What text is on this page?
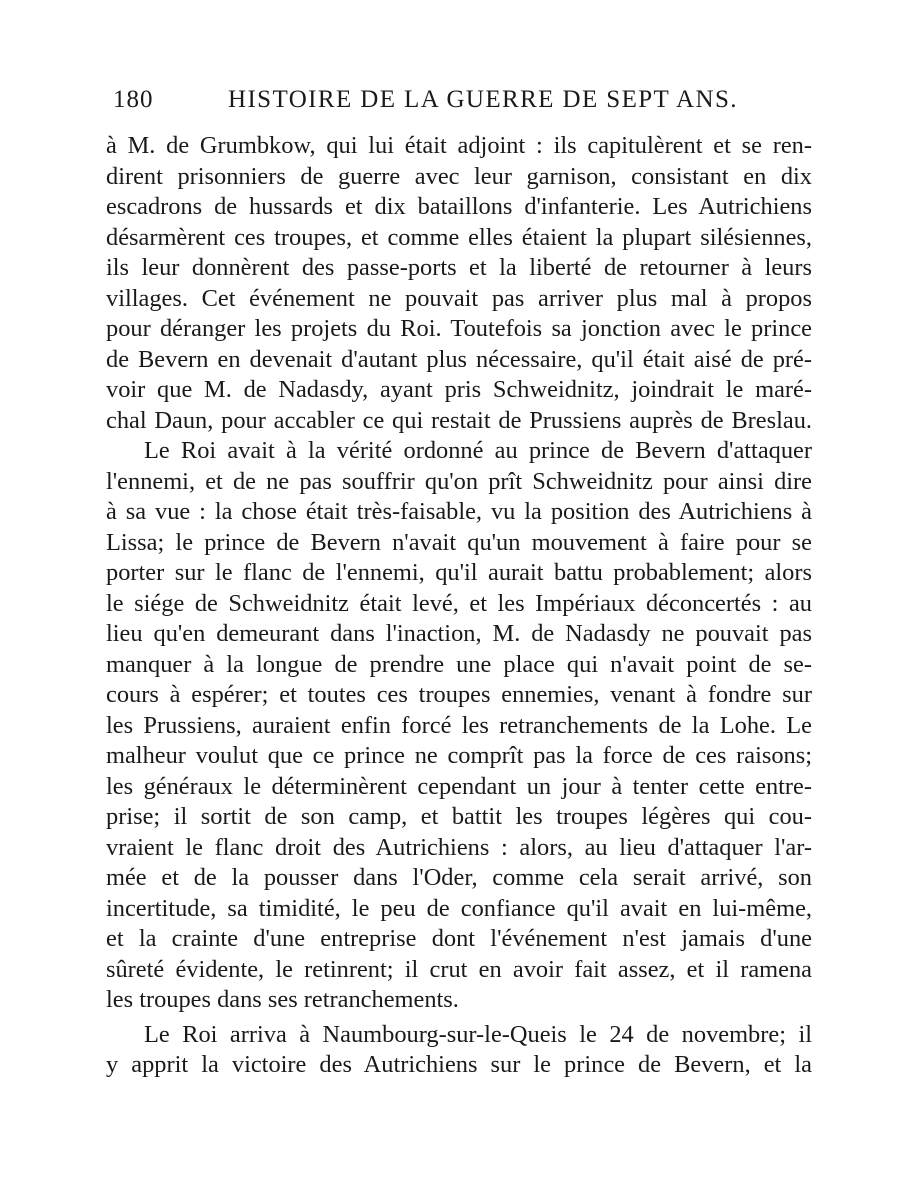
180	HISTOIRE DE LA GUERRE DE SEPT ANS.
à M. de Grumbkow, qui lui était adjoint : ils capitulèrent et se ren-
dirent prisonniers de guerre avec leur garnison, consistant en dix
escadrons de hussards et dix bataillons d'infanterie. Les Autrichiens
désarmèrent ces troupes, et comme elles étaient la plupart silésiennes,
ils leur donnèrent des passe-ports et la liberté de retourner à leurs
villages. Cet événement ne pouvait pas arriver plus mal à propos
pour déranger les projets du Roi. Toutefois sa jonction avec le prince
de Bevern en devenait d'autant plus nécessaire, qu'il était aisé de pré-
voir que M. de Nadasdy, ayant pris Schweidnitz, joindrait le maré-
chal Daun, pour accabler ce qui restait de Prussiens auprès de Breslau.
Le Roi avait à la vérité ordonné au prince de Bevern d'attaquer
l'ennemi, et de ne pas souffrir qu'on prît Schweidnitz pour ainsi dire
à sa vue : la chose était très-faisable, vu la position des Autrichiens à
Lissa; le prince de Bevern n'avait qu'un mouvement à faire pour se
porter sur le flanc de l'ennemi, qu'il aurait battu probablement; alors
le siége de Schweidnitz était levé, et les Impériaux déconcertés : au
lieu qu'en demeurant dans l'inaction, M. de Nadasdy ne pouvait pas
manquer à la longue de prendre une place qui n'avait point de se-
cours à espérer; et toutes ces troupes ennemies, venant à fondre sur
les Prussiens, auraient enfin forcé les retranchements de la Lohe. Le
malheur voulut que ce prince ne comprît pas la force de ces raisons;
les généraux le déterminèrent cependant un jour à tenter cette entre-
prise; il sortit de son camp, et battit les troupes légères qui cou-
vraient le flanc droit des Autrichiens : alors, au lieu d'attaquer l'ar-
mée et de la pousser dans l'Oder, comme cela serait arrivé, son
incertitude, sa timidité, le peu de confiance qu'il avait en lui-même,
et la crainte d'une entreprise dont l'événement n'est jamais d'une
sûreté évidente, le retinrent; il crut en avoir fait assez, et il ramena
les troupes dans ses retranchements.
Le Roi arriva à Naumbourg-sur-le-Queis le 24 de novembre; il
y apprit la victoire des Autrichiens sur le prince de Bevern, et la
